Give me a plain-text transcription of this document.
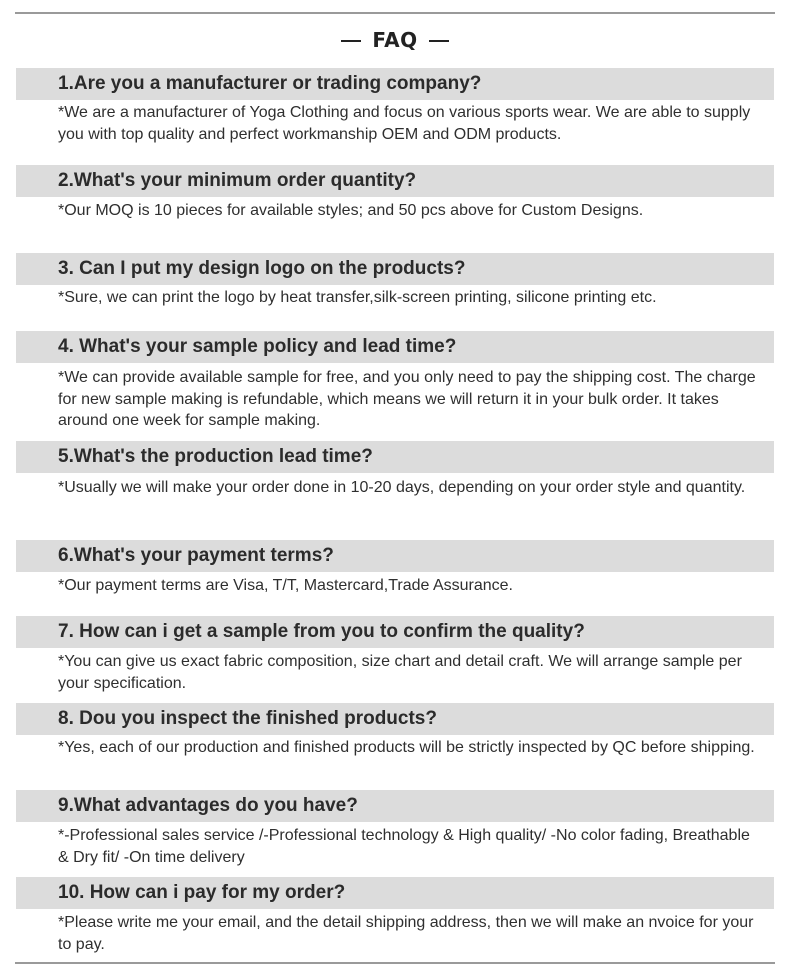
FAQ
1.Are you a manufacturer or trading company?
*We are a manufacturer of Yoga Clothing and focus on various sports wear. We are able to supply you with top quality and perfect workmanship OEM and ODM products.
2.What's your minimum order quantity?
*Our MOQ is 10 pieces for available styles; and 50 pcs above for Custom Designs.
3. Can I put my design logo on the products?
*Sure, we can print the logo by heat transfer,silk-screen printing, silicone printing etc.
4. What's your sample policy and lead time?
*We can provide available sample for free, and you only need to pay the shipping cost. The charge for new sample making is refundable, which means we will return it in your bulk order. It takes around one week for sample making.
5.What's the production lead time?
*Usually we will make your order done in 10-20 days, depending on your order style and quantity.
6.What's your payment terms?
*Our payment terms are Visa, T/T, Mastercard,Trade Assurance.
7. How can i get a sample from you to confirm the quality?
*You can give us exact fabric composition, size chart and detail craft. We will arrange sample per your specification.
8. Dou you inspect the finished products?
*Yes, each of our production and finished products will be strictly inspected by QC before shipping.
9.What advantages do you have?
*-Professional sales service /-Professional technology & High quality/ -No color fading, Breathable & Dry fit/ -On time delivery
10. How can i pay for my order?
*Please write me your email, and the detail shipping address, then we will make an nvoice for your to pay.
